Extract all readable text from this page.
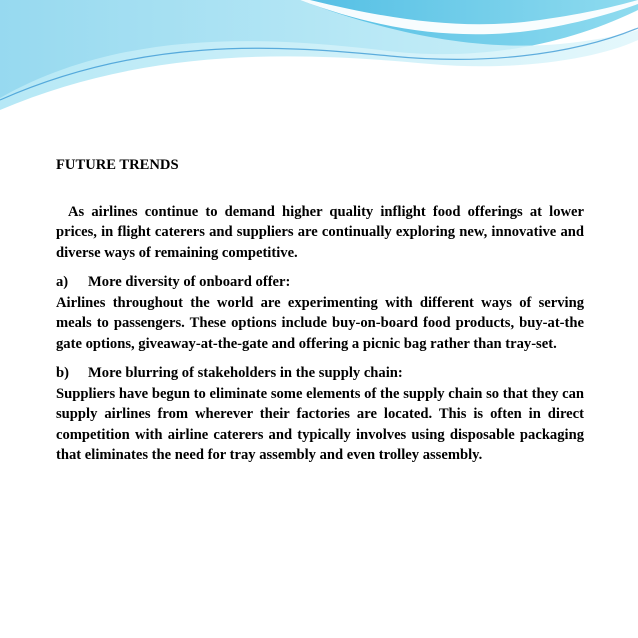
FUTURE TRENDS

As airlines continue to demand higher quality inflight food offerings at lower prices, in flight caterers and suppliers are continually exploring new, innovative and diverse ways of remaining competitive.

a)	More diversity of onboard offer:

Airlines throughout the world are experimenting with different ways of serving meals to passengers. These options include buy-on-board food products, buy-at-the gate options, giveaway-at-the-gate and offering a picnic bag rather than tray-set.

b)	More blurring of stakeholders in the supply chain:

Suppliers have begun to eliminate some elements of the supply chain so that they can supply airlines from wherever their factories are located. This is often in direct competition with airline caterers and typically involves using disposable packaging that eliminates the need for tray assembly and even trolley assembly.
